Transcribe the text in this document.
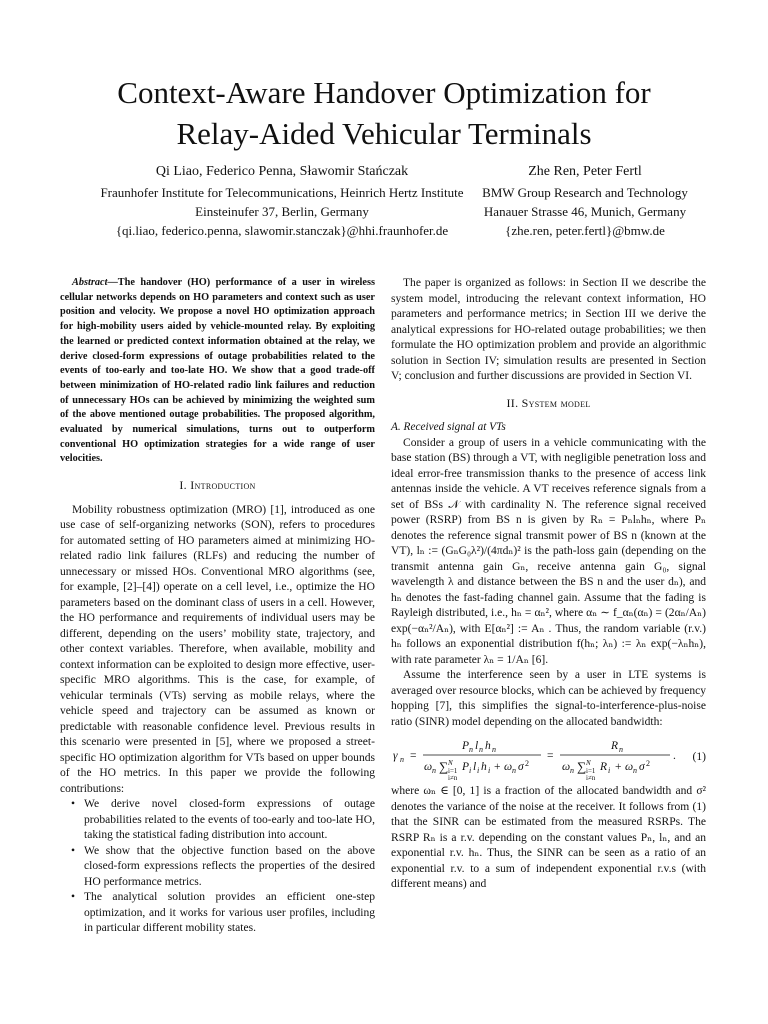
Context-Aware Handover Optimization for
Relay-Aided Vehicular Terminals
Qi Liao, Federico Penna, Sławomir Stańczak
Fraunhofer Institute for Telecommunications, Heinrich Hertz Institute
Einsteinufer 37, Berlin, Germany
{qi.liao, federico.penna, slawomir.stanczak}@hhi.fraunhofer.de
Zhe Ren, Peter Fertl
BMW Group Research and Technology
Hanauer Strasse 46, Munich, Germany
{zhe.ren, peter.fertl}@bmw.de

Abstract—The handover (HO) performance of a user in wireless cellular networks depends on HO parameters and context such as user position and velocity. We propose a novel HO optimization approach for high-mobility users aided by vehicle-mounted relay. By exploiting the learned or predicted context information obtained at the relay, we derive closed-form expressions of outage probabilities related to the events of too-early and too-late HO. We show that a good trade-off between minimization of HO-related radio link failures and reduction of unnecessary HOs can be achieved by minimizing the weighted sum of the above mentioned outage probabilities. The proposed algorithm, evaluated by numerical simulations, turns out to outperform conventional HO optimization strategies for a wide range of user velocities.

I. Introduction

Mobility robustness optimization (MRO) [1], introduced as one use case of self-organizing networks (SON), refers to procedures for automated setting of HO parameters aimed at minimizing HO-related radio link failures (RLFs) and reducing the number of unnecessary or missed HOs. Conventional MRO algorithms (see, for example, [2]–[4]) operate on a cell level, i.e., optimize the HO parameters based on the dominant class of users in a cell. However, the HO performance and requirements of individual users may be different, depending on the users’ mobility state, trajectory, and other context variables. Therefore, when available, mobility and context information can be exploited to design more effective, user-specific MRO algorithms. This is the case, for example, of vehicular terminals (VTs) serving as mobile relays, where the vehicle speed and trajectory can be assumed as known or predictable with reasonable confidence level. Previous results in this scenario were presented in [5], where we proposed a street-specific HO optimization algorithm for VTs based on upper bounds of the HO metrics. In this paper we provide the following contributions:

• We derive novel closed-form expressions of outage probabilities related to the events of too-early and too-late HO, taking the statistical fading distribution into account.
• We show that the objective function based on the above closed-form expressions reflects the properties of the desired HO performance metrics.
• The analytical solution provides an efficient one-step optimization, and it works for various user profiles, including in particular different mobility states.

The paper is organized as follows: in Section II we describe the system model, introducing the relevant context information, HO parameters and performance metrics; in Section III we derive the analytical expressions for HO-related outage probabilities; we then formulate the HO optimization problem and provide an algorithmic solution in Section IV; simulation results are presented in Section V; conclusion and further discussions are provided in Section VI.

II. System model

A. Received signal at VTs

Consider a group of users in a vehicle communicating with the base station (BS) through a VT, with negligible penetration loss and ideal error-free transmission thanks to the presence of access link antennas inside the vehicle. A VT receives reference signals from a set of BSs 𝒩 with cardinality N. The reference signal received power (RSRP) from BS n is given by Rₙ = Pₙlₙhₙ, where Pₙ denotes the reference signal transmit power of BS n (known at the VT), lₙ := (GₙG₀λ²)/(4πdₙ)² is the path-loss gain (depending on the transmit antenna gain Gₙ, receive antenna gain G₀, signal wavelength λ and distance between the BS n and the user dₙ), and hₙ denotes the fast-fading channel gain. Assume that the fading is Rayleigh distributed, i.e., hₙ = αₙ², where αₙ ∼ f_αₙ(αₙ) = (2αₙ/Aₙ) exp(−αₙ²/Aₙ), with E[αₙ²] := Aₙ . Thus, the random variable (r.v.) hₙ follows an exponential distribution f(hₙ; λₙ) := λₙ exp(−λₙhₙ), with rate parameter λₙ = 1/Aₙ [6].

Assume the interference seen by a user in LTE systems is averaged over resource blocks, which can be achieved by frequency hopping [7], this simplifies the signal-to-interference-plus-noise ratio (SINR) model depending on the allocated bandwidth:

γ n =
P n l n h n
ω n ∑ N
i=1
i≠n
P i l i h i + ω n σ 2
=
R n
ω n ∑ N
i=1
i≠n
R i + ω n σ 2
. (1)

where ωₙ ∈ [0, 1] is a fraction of the allocated bandwidth and σ² denotes the variance of the noise at the receiver. It follows from (1) that the SINR can be estimated from the measured RSRPs. The RSRP Rₙ is a r.v. depending on the constant values Pₙ, lₙ, and an exponential r.v. hₙ. Thus, the SINR can be seen as a ratio of an exponential r.v. to a sum of independent exponential r.v.s (with different means) and
